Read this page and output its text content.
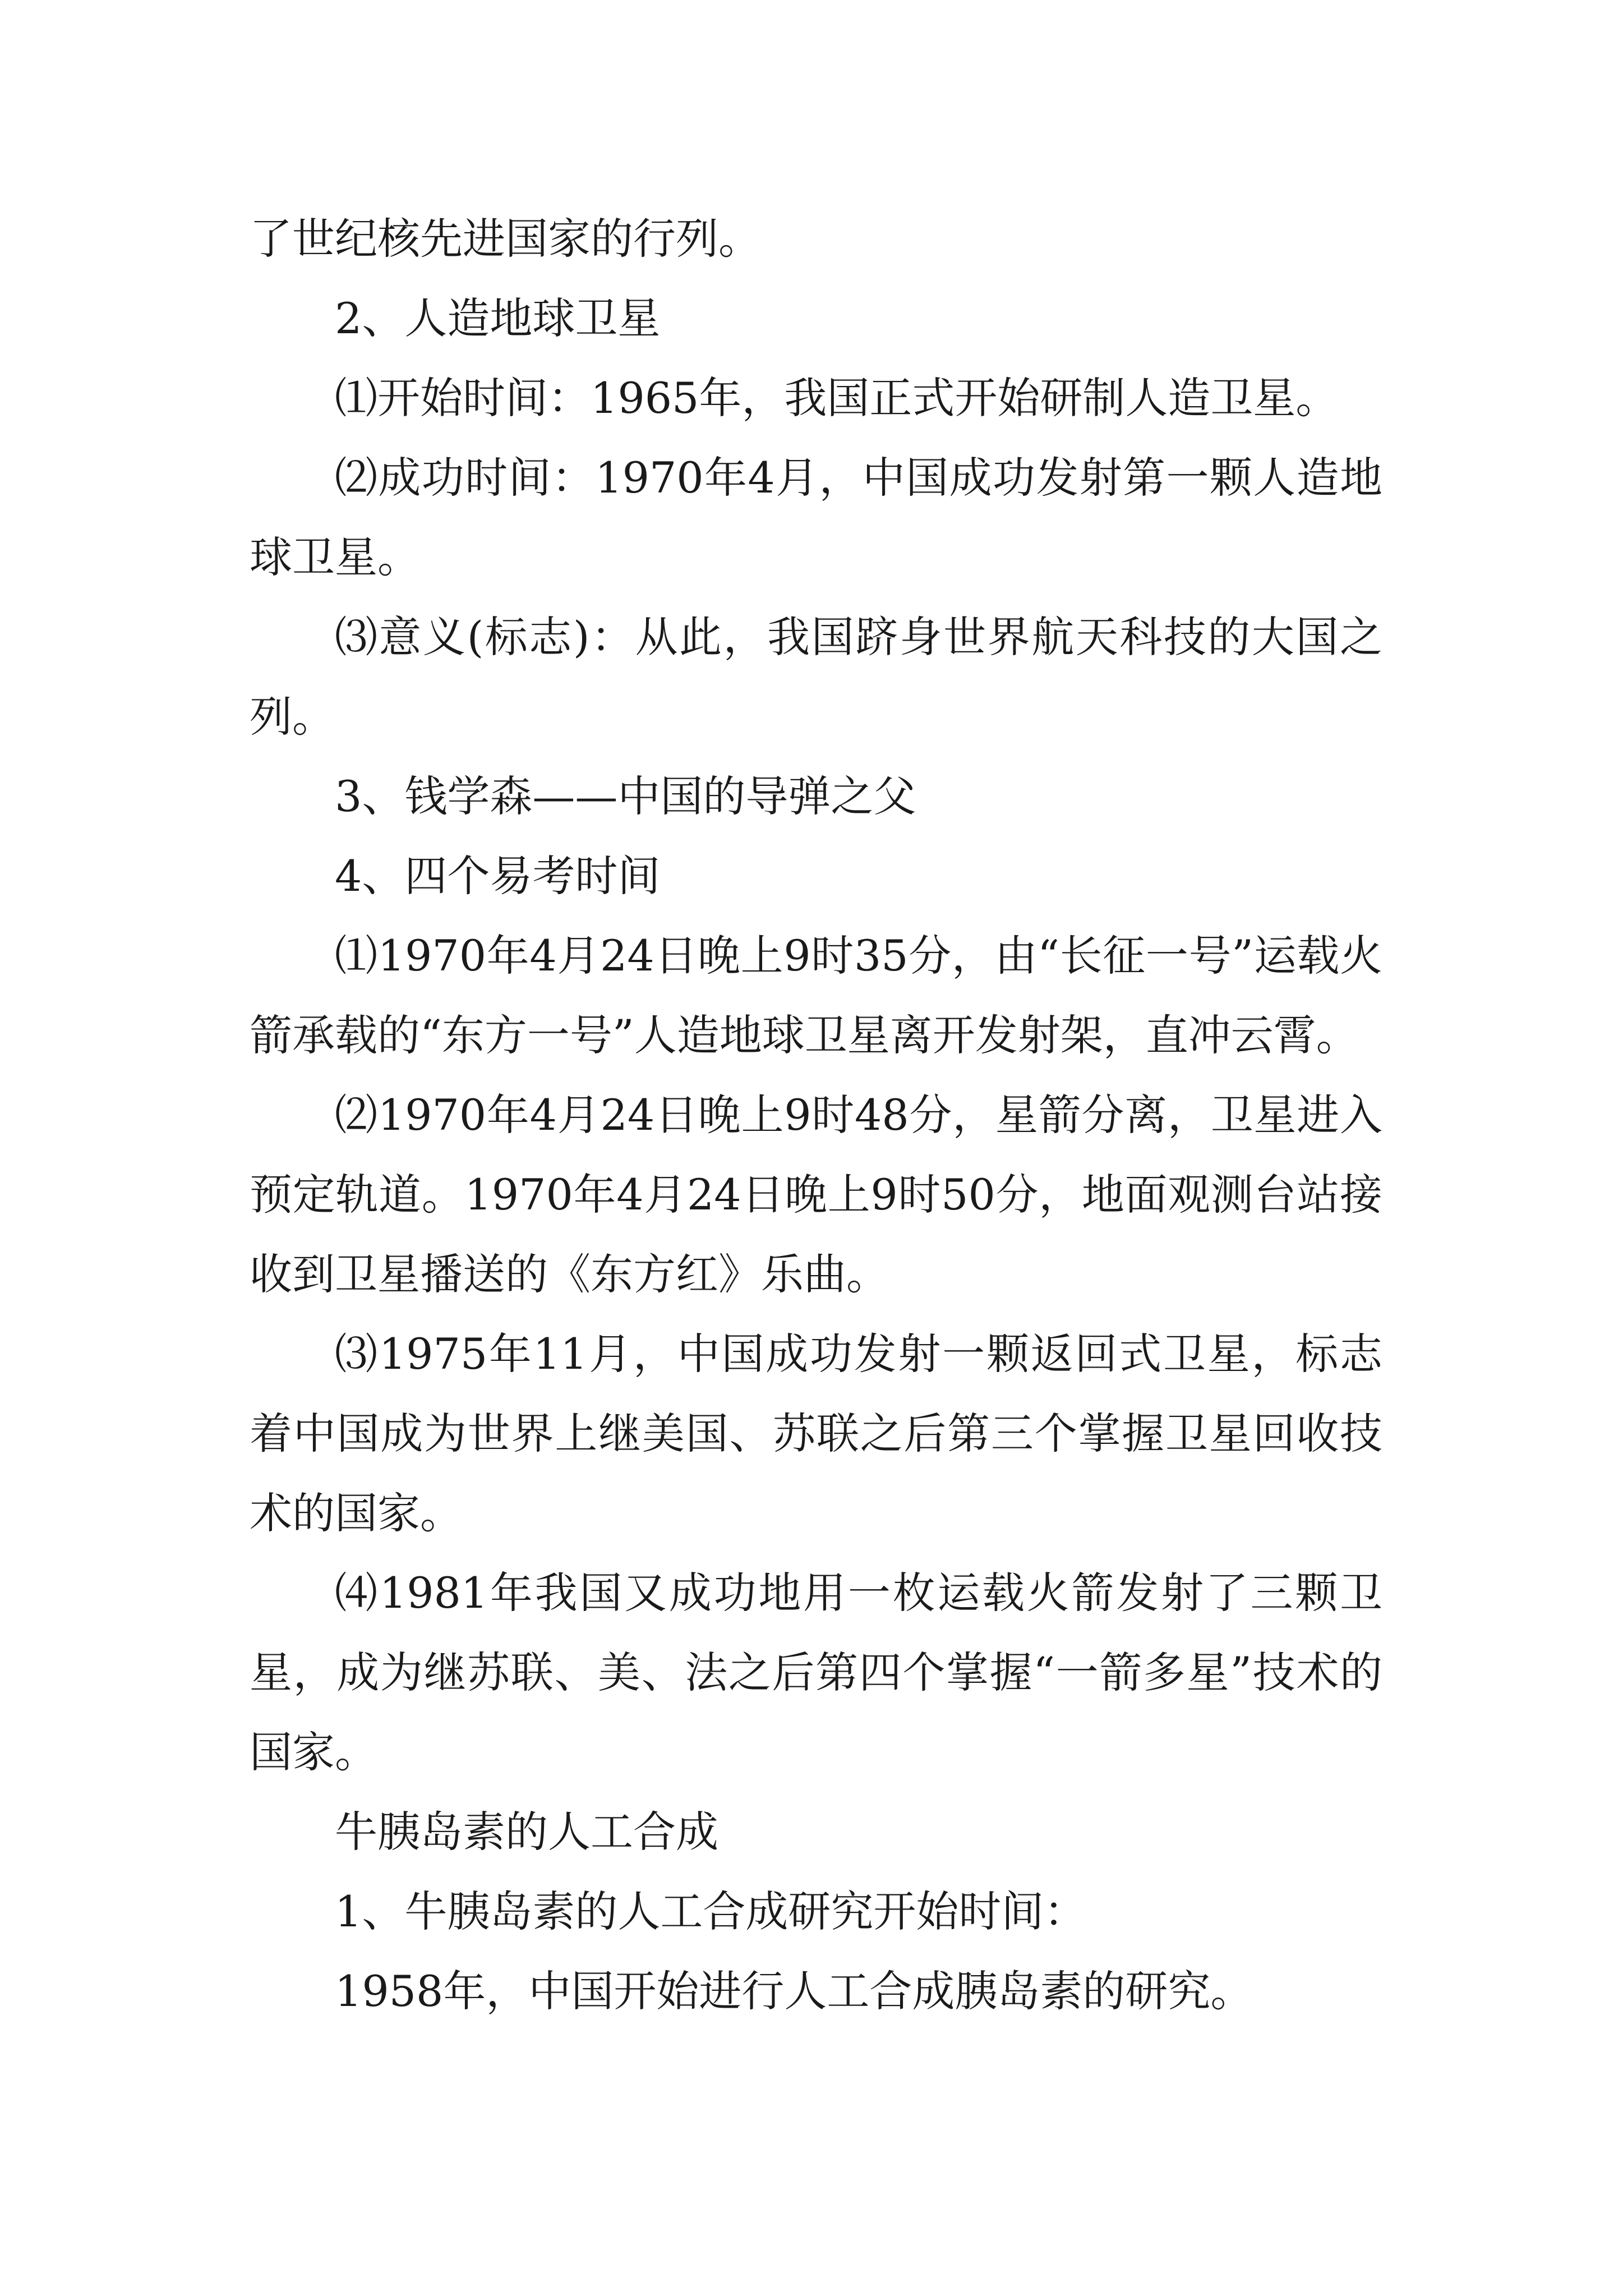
了世纪核先进国家的行列。

2、人造地球卫星

⑴开始时间：1965年，我国正式开始研制人造卫星。

⑵成功时间：1970年4月，中国成功发射第一颗人造地球卫星。

⑶意义(标志)：从此，我国跻身世界航天科技的大国之列。

3、钱学森——中国的导弹之父

4、四个易考时间

⑴1970年4月24日晚上9时35分，由“长征一号”运载火箭承载的“东方一号”人造地球卫星离开发射架，直冲云霄。

⑵1970年4月24日晚上9时48分，星箭分离，卫星进入预定轨道。1970年4月24日晚上9时50分，地面观测台站接收到卫星播送的《东方红》乐曲。

⑶1975年11月，中国成功发射一颗返回式卫星，标志着中国成为世界上继美国、苏联之后第三个掌握卫星回收技术的国家。

⑷1981年我国又成功地用一枚运载火箭发射了三颗卫星，成为继苏联、美、法之后第四个掌握“一箭多星”技术的国家。

牛胰岛素的人工合成

1、牛胰岛素的人工合成研究开始时间：

1958年，中国开始进行人工合成胰岛素的研究。
